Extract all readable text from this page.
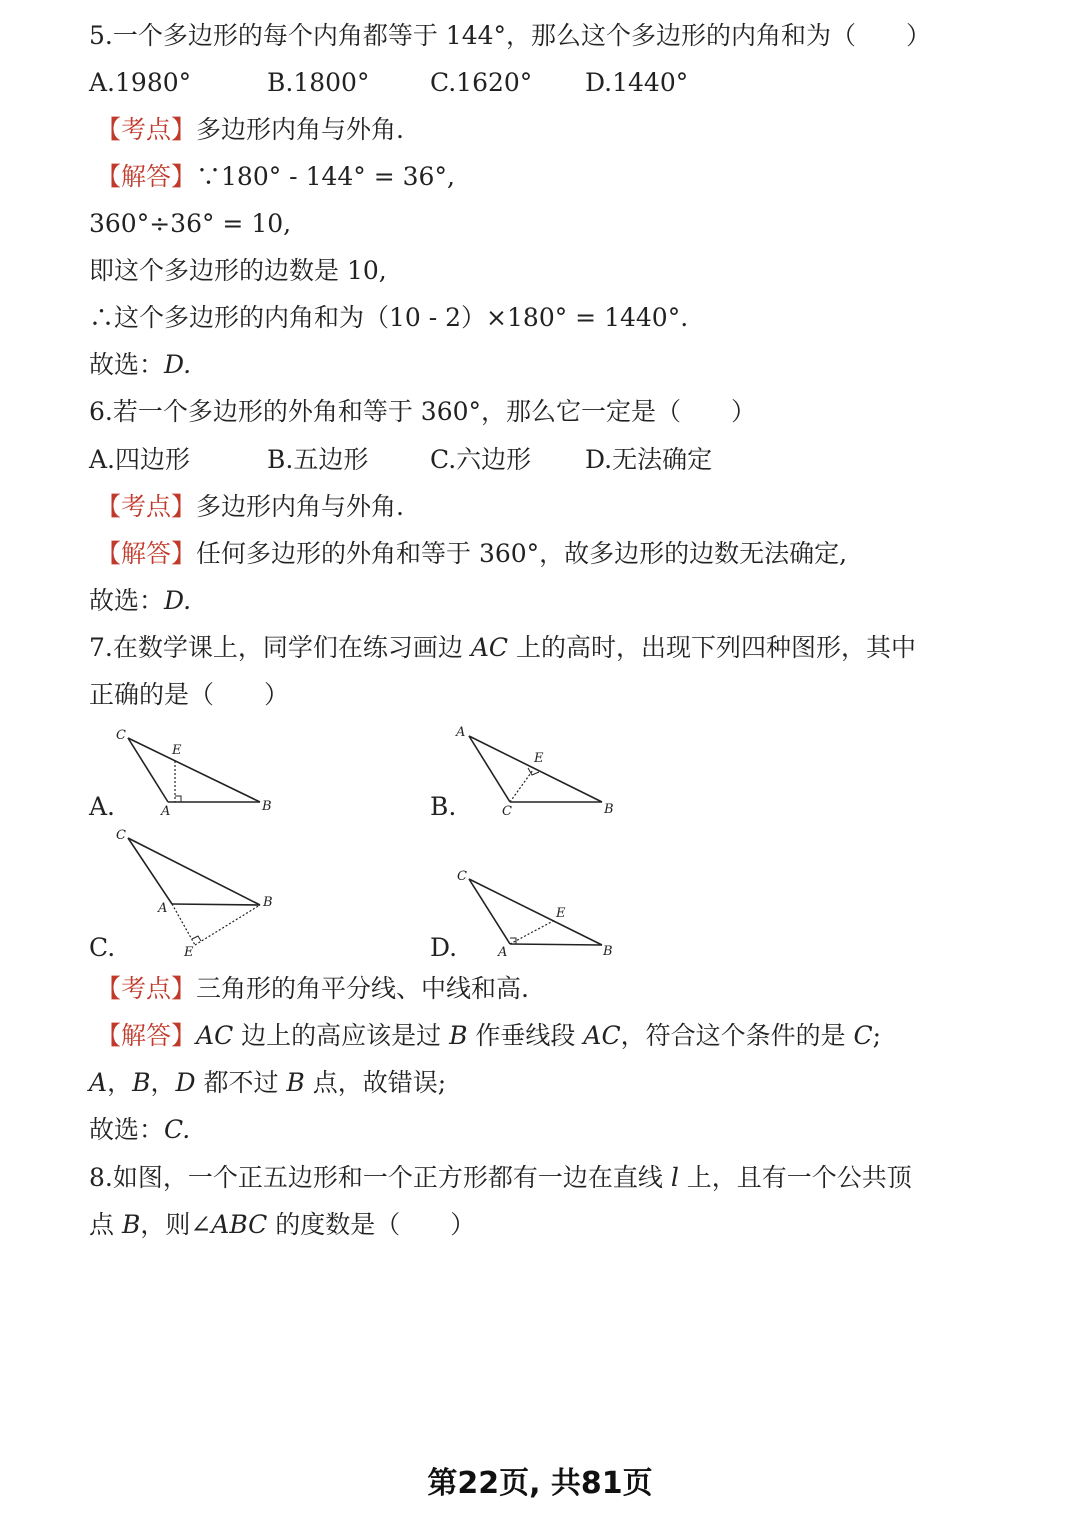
5.一个多边形的每个内角都等于 144°，那么这个多边形的内角和为（　　）
A.1980°	B.1800° C.1620° D.1440°
【考点】多边形内角与外角.
【解答】∵180° - 144° = 36°,
360°÷36° = 10,
即这个多边形的边数是 10,
∴这个多边形的内角和为（10 - 2）×180° = 1440°.
故选：D.
6.若一个多边形的外角和等于 360°，那么它一定是（　　）
A.四边形	B.五边形 C.六边形 D.无法确定
【考点】多边形内角与外角.
【解答】任何多边形的外角和等于 360°，故多边形的边数无法确定,
故选：D.
7.在数学课上，同学们在练习画边 AC 上的高时，出现下列四种图形，其中
正确的是（　　）
A.	B.
C.	D.
C
E
A	B
A
E
C	B
C
A	B
E
C
E
A	B
【考点】三角形的角平分线、中线和高.
【解答】AC 边上的高应该是过 B 作垂线段 AC，符合这个条件的是 C;
A，B，D 都不过 B 点，故错误;
故选：C.
8.如图，一个正五边形和一个正方形都有一边在直线 l 上，且有一个公共顶
点 B，则∠ABC 的度数是（　　）
第22页, 共81页
